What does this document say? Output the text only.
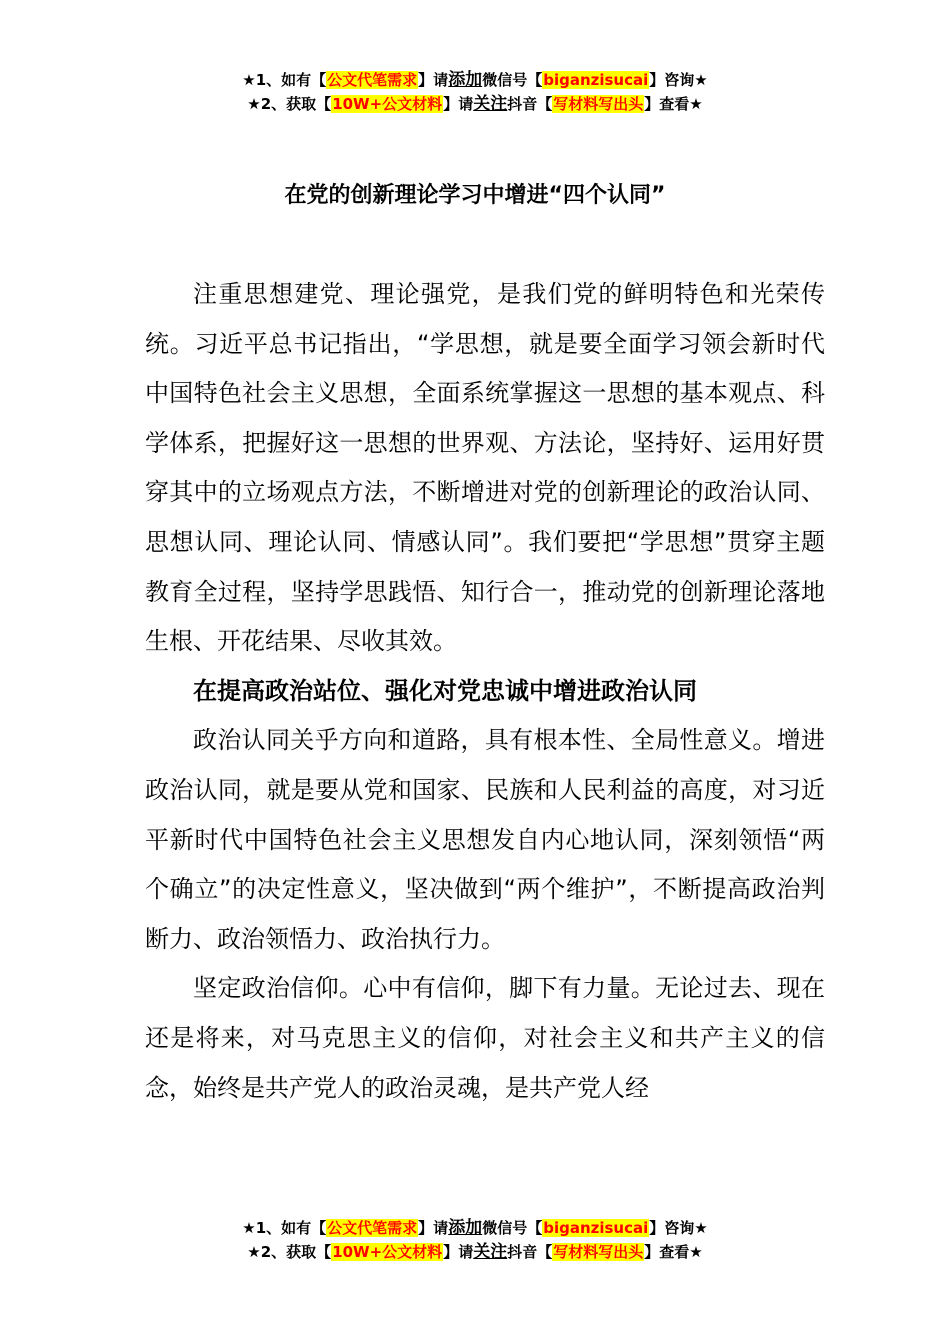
★1、如有【公文代笔需求】请添加微信号【biganzisucai】咨询★
★2、获取【10W+公文材料】请关注抖音【写材料写出头】查看★
在党的创新理论学习中增进“四个认同”

注重思想建党、理论强党，是我们党的鲜明特色和光荣传统。习近平总书记指出，“学思想，就是要全面学习领会新时代中国特色社会主义思想，全面系统掌握这一思想的基本观点、科学体系，把握好这一思想的世界观、方法论，坚持好、运用好贯穿其中的立场观点方法，不断增进对党的创新理论的政治认同、思想认同、理论认同、情感认同”。我们要把“学思想”贯穿主题教育全过程，坚持学思践悟、知行合一，推动党的创新理论落地生根、开花结果、尽收其效。

在提高政治站位、强化对党忠诚中增进政治认同

政治认同关乎方向和道路，具有根本性、全局性意义。增进政治认同，就是要从党和国家、民族和人民利益的高度，对习近平新时代中国特色社会主义思想发自内心地认同，深刻领悟“两个确立”的决定性意义，坚决做到“两个维护”，不断提高政治判断力、政治领悟力、政治执行力。

坚定政治信仰。心中有信仰，脚下有力量。无论过去、现在还是将来，对马克思主义的信仰，对社会主义和共产主义的信念，始终是共产党人的政治灵魂，是共产党人经

★1、如有【公文代笔需求】请添加微信号【biganzisucai】咨询★
★2、获取【10W+公文材料】请关注抖音【写材料写出头】查看★
